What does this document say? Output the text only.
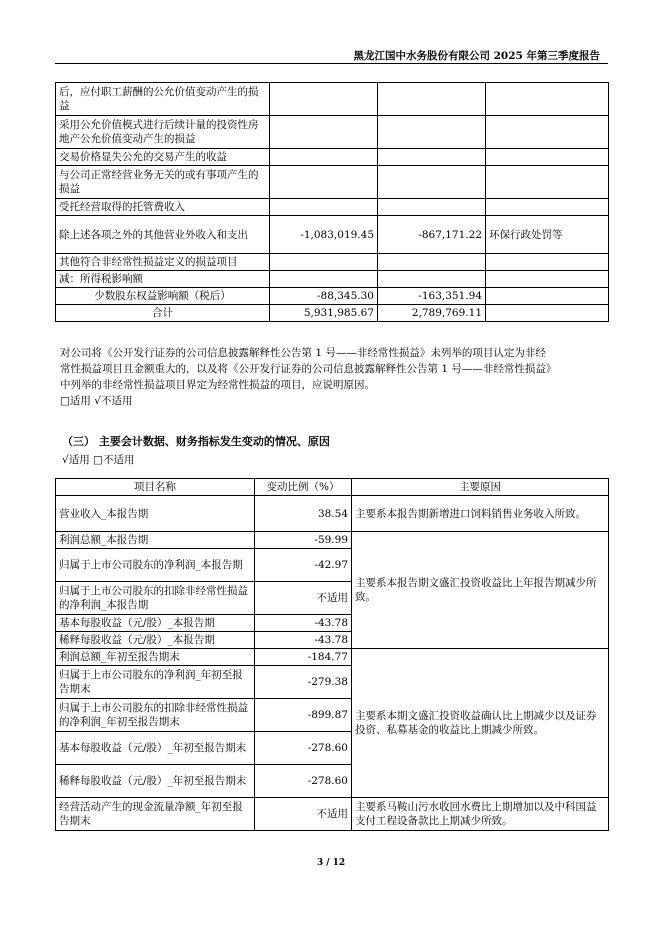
黑龙江国中水务股份有限公司 2025 年第三季度报告
后，应付职工薪酬的公允价值变动产生的损益			
采用公允价值模式进行后续计量的投资性房地产公允价值变动产生的损益			
交易价格显失公允的交易产生的收益			
与公司正常经营业务无关的或有事项产生的损益			
受托经营取得的托管费收入			
除上述各项之外的其他营业外收入和支出	-1,083,019.45	-867,171.22	环保行政处罚等
其他符合非经常性损益定义的损益项目			
减：所得税影响额			
少数股东权益影响额（税后）	-88,345.30	-163,351.94	
合计	5,931,985.67	2,789,769.11	
对公司将《公开发行证券的公司信息披露解释性公告第 1 号——非经常性损益》未列举的项目认定为非经
常性损益项目且金额重大的，以及将《公开发行证券的公司信息披露解释性公告第 1 号——非经常性损益》
中列举的非经常性损益项目界定为经常性损益的项目，应说明原因。
□适用 √不适用
（三） 主要会计数据、财务指标发生变动的情况、原因
√适用 □不适用
项目名称	变动比例（%）	主要原因
营业收入_本报告期	38.54	主要系本报告期新增进口饲料销售业务收入所致。
利润总额_本报告期	-59.99	主要系本报告期文盛汇投资收益比上年报告期减少所致。
归属于上市公司股东的净利润_本报告期	-42.97	
归属于上市公司股东的扣除非经常性损益的净利润_本报告期	不适用	
基本每股收益（元/股）_本报告期	-43.78	
稀释每股收益（元/股）_本报告期	-43.78	
利润总额_年初至报告期末	-184.77	主要系本期文盛汇投资收益确认比上期减少以及证券投资、私募基金的收益比上期减少所致。
归属于上市公司股东的净利润_年初至报告期末	-279.38	
归属于上市公司股东的扣除非经常性损益的净利润_年初至报告期末	-899.87	
基本每股收益（元/股）_年初至报告期末	-278.60	
稀释每股收益（元/股）_年初至报告期末	-278.60	
经营活动产生的现金流量净额_年初至报告期末	不适用	主要系马鞍山污水收回水费比上期增加以及中科国益支付工程设备款比上期减少所致。
3 / 12
